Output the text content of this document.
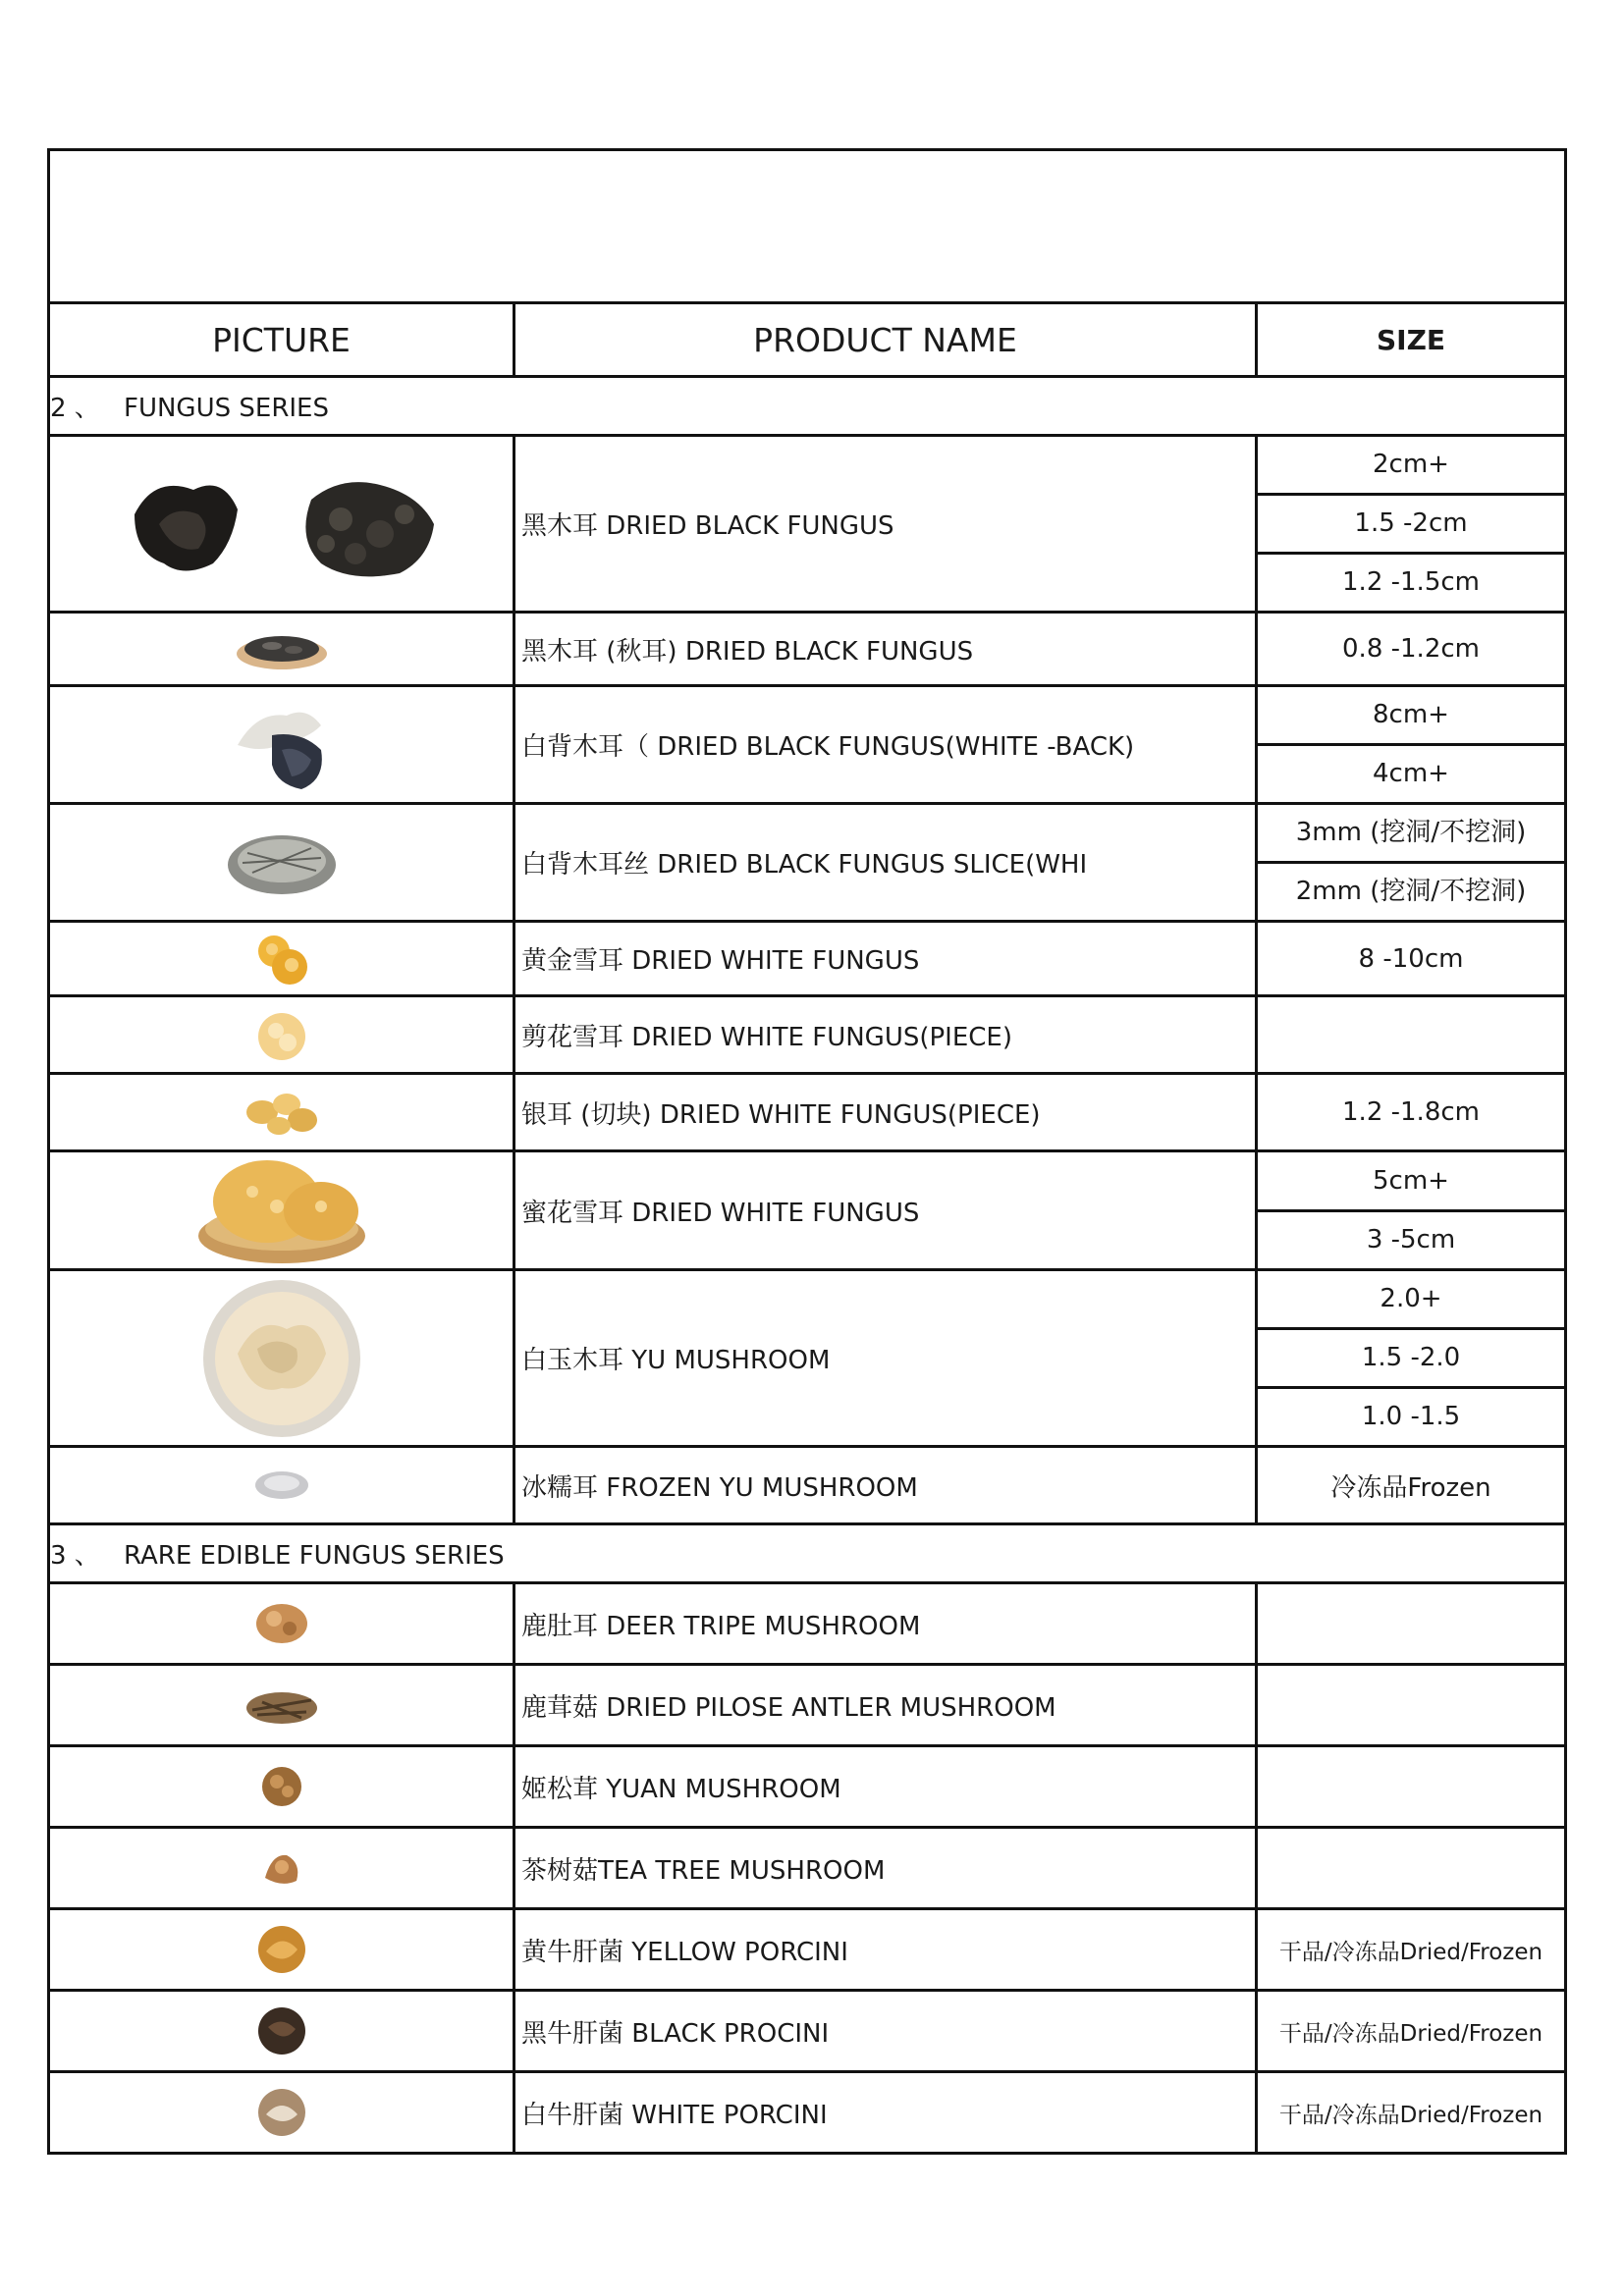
PICTURE	PRODUCT NAME	SIZE
2 、 FUNGUS SERIES		
	黑木耳 DRIED BLACK FUNGUS	2cm+
1.5 -2cm
1.2 -1.5cm

	黑木耳 (秋耳) DRIED BLACK FUNGUS	0.8 -1.2cm

	白背木耳（ DRIED BLACK FUNGUS(WHITE -BACK)	8cm+
4cm+

	白背木耳丝 DRIED BLACK FUNGUS SLICE(WHI	3mm (挖洞/不挖洞)
2mm (挖洞/不挖洞)

	黄金雪耳 DRIED WHITE FUNGUS	8 -10cm

	剪花雪耳 DRIED WHITE FUNGUS(PIECE)	

	银耳 (切块) DRIED WHITE FUNGUS(PIECE)	1.2 -1.8cm

	蜜花雪耳 DRIED WHITE FUNGUS	5cm+
3 -5cm

	白玉木耳 YU MUSHROOM	2.0+
1.5 -2.0
1.0 -1.5

	冰糯耳 FROZEN YU MUSHROOM	冷冻品Frozen

3 、 RARE EDIBLE FUNGUS SERIES		
	鹿肚耳 DEER TRIPE MUSHROOM	
	鹿茸菇 DRIED PILOSE ANTLER MUSHROOM	
	姬松茸 YUAN MUSHROOM	
	茶树菇TEA TREE MUSHROOM	
	黄牛肝菌 YELLOW PORCINI	干品/冷冻品Dried/Frozen
	黑牛肝菌 BLACK PROCINI	干品/冷冻品Dried/Frozen
	白牛肝菌 WHITE PORCINI	干品/冷冻品Dried/Frozen
